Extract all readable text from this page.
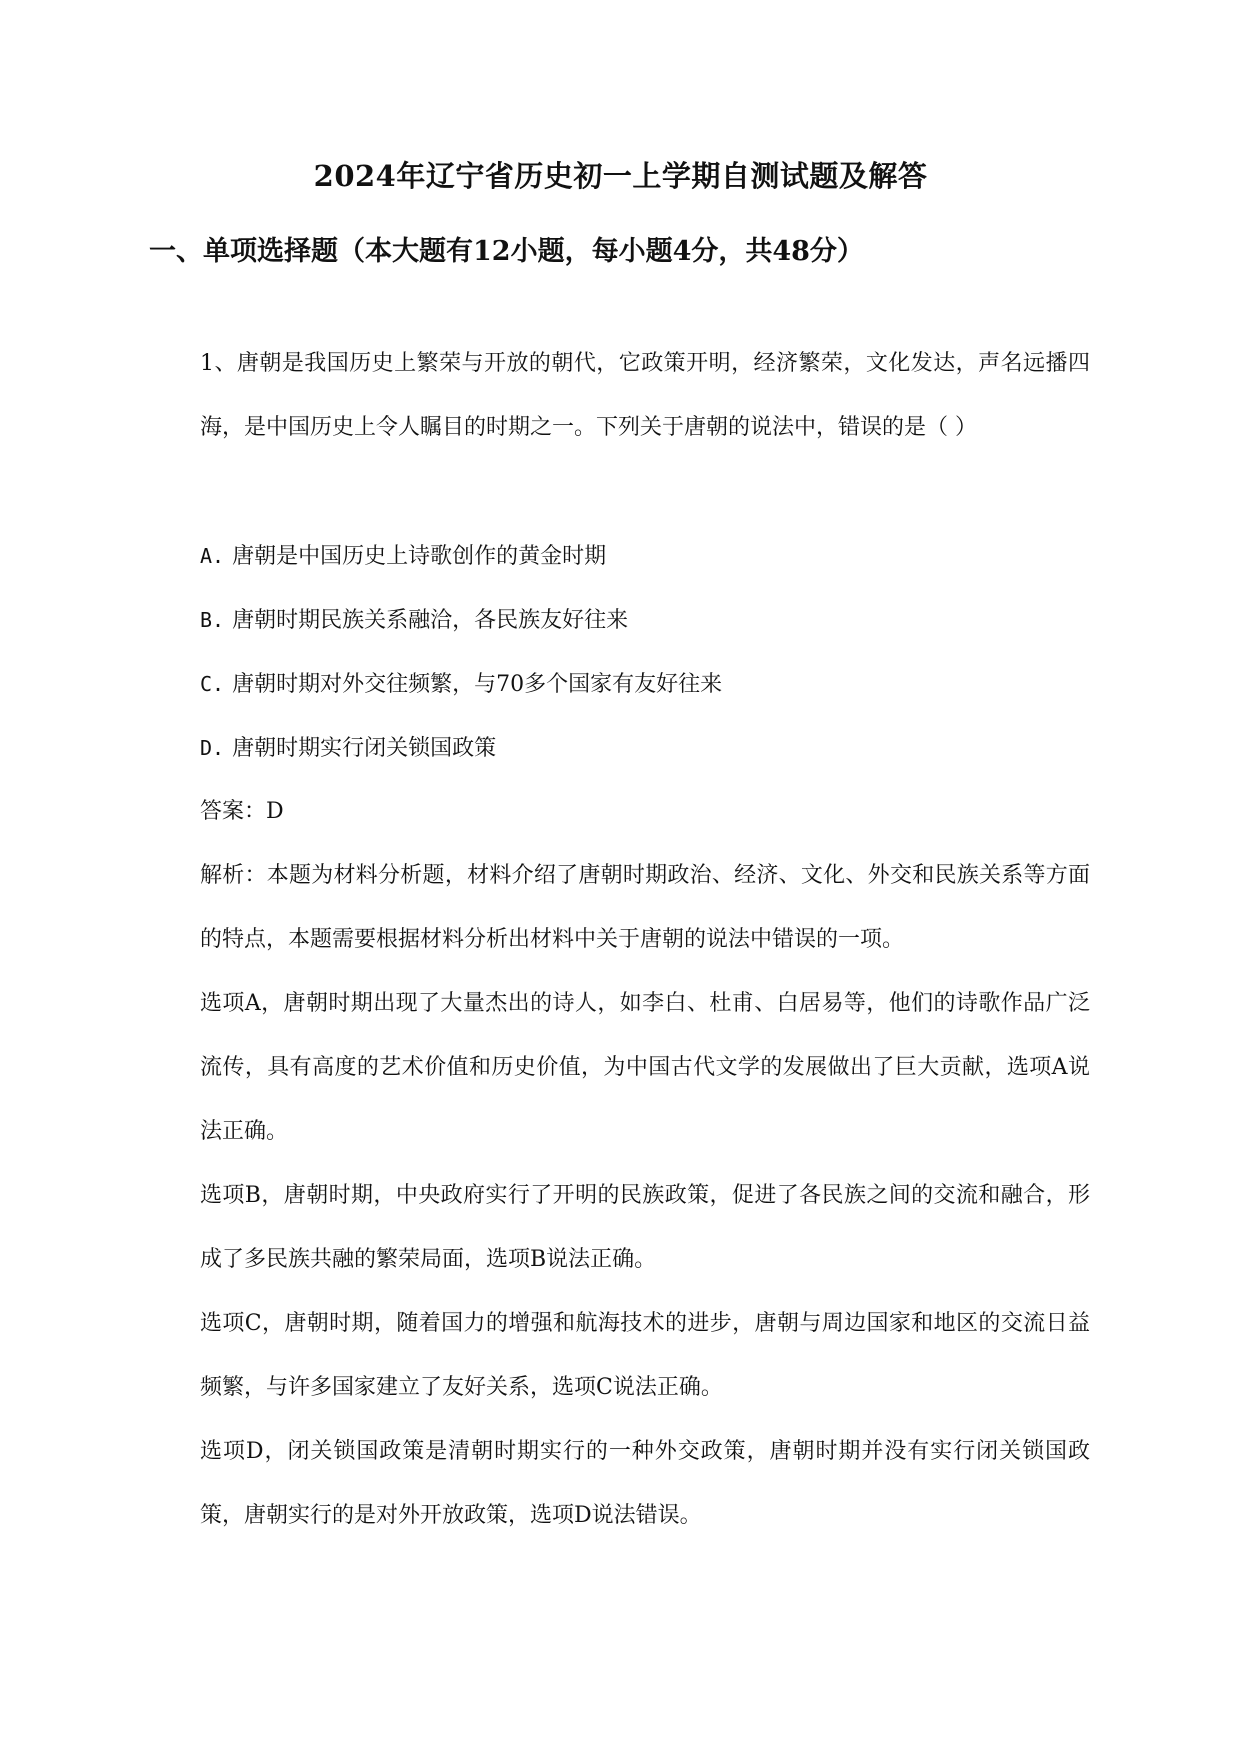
2024年辽宁省历史初一上学期自测试题及解答
一、单项选择题（本大题有12小题，每小题4分，共48分）

1、唐朝是我国历史上繁荣与开放的朝代，它政策开明，经济繁荣，文化发达，声名远播四海，是中国历史上令人瞩目的时期之一。下列关于唐朝的说法中，错误的是（ ）

A. 唐朝是中国历史上诗歌创作的黄金时期
B. 唐朝时期民族关系融洽，各民族友好往来
C. 唐朝时期对外交往频繁，与70多个国家有友好往来
D. 唐朝时期实行闭关锁国政策
答案：D

解析：本题为材料分析题，材料介绍了唐朝时期政治、经济、文化、外交和民族关系等方面的特点，本题需要根据材料分析出材料中关于唐朝的说法中错误的一项。

选项A，唐朝时期出现了大量杰出的诗人，如李白、杜甫、白居易等，他们的诗歌作品广泛流传，具有高度的艺术价值和历史价值，为中国古代文学的发展做出了巨大贡献，选项A说法正确。

选项B，唐朝时期，中央政府实行了开明的民族政策，促进了各民族之间的交流和融合，形成了多民族共融的繁荣局面，选项B说法正确。

选项C，唐朝时期，随着国力的增强和航海技术的进步，唐朝与周边国家和地区的交流日益频繁，与许多国家建立了友好关系，选项C说法正确。

选项D，闭关锁国政策是清朝时期实行的一种外交政策，唐朝时期并没有实行闭关锁国政策，唐朝实行的是对外开放政策，选项D说法错误。
